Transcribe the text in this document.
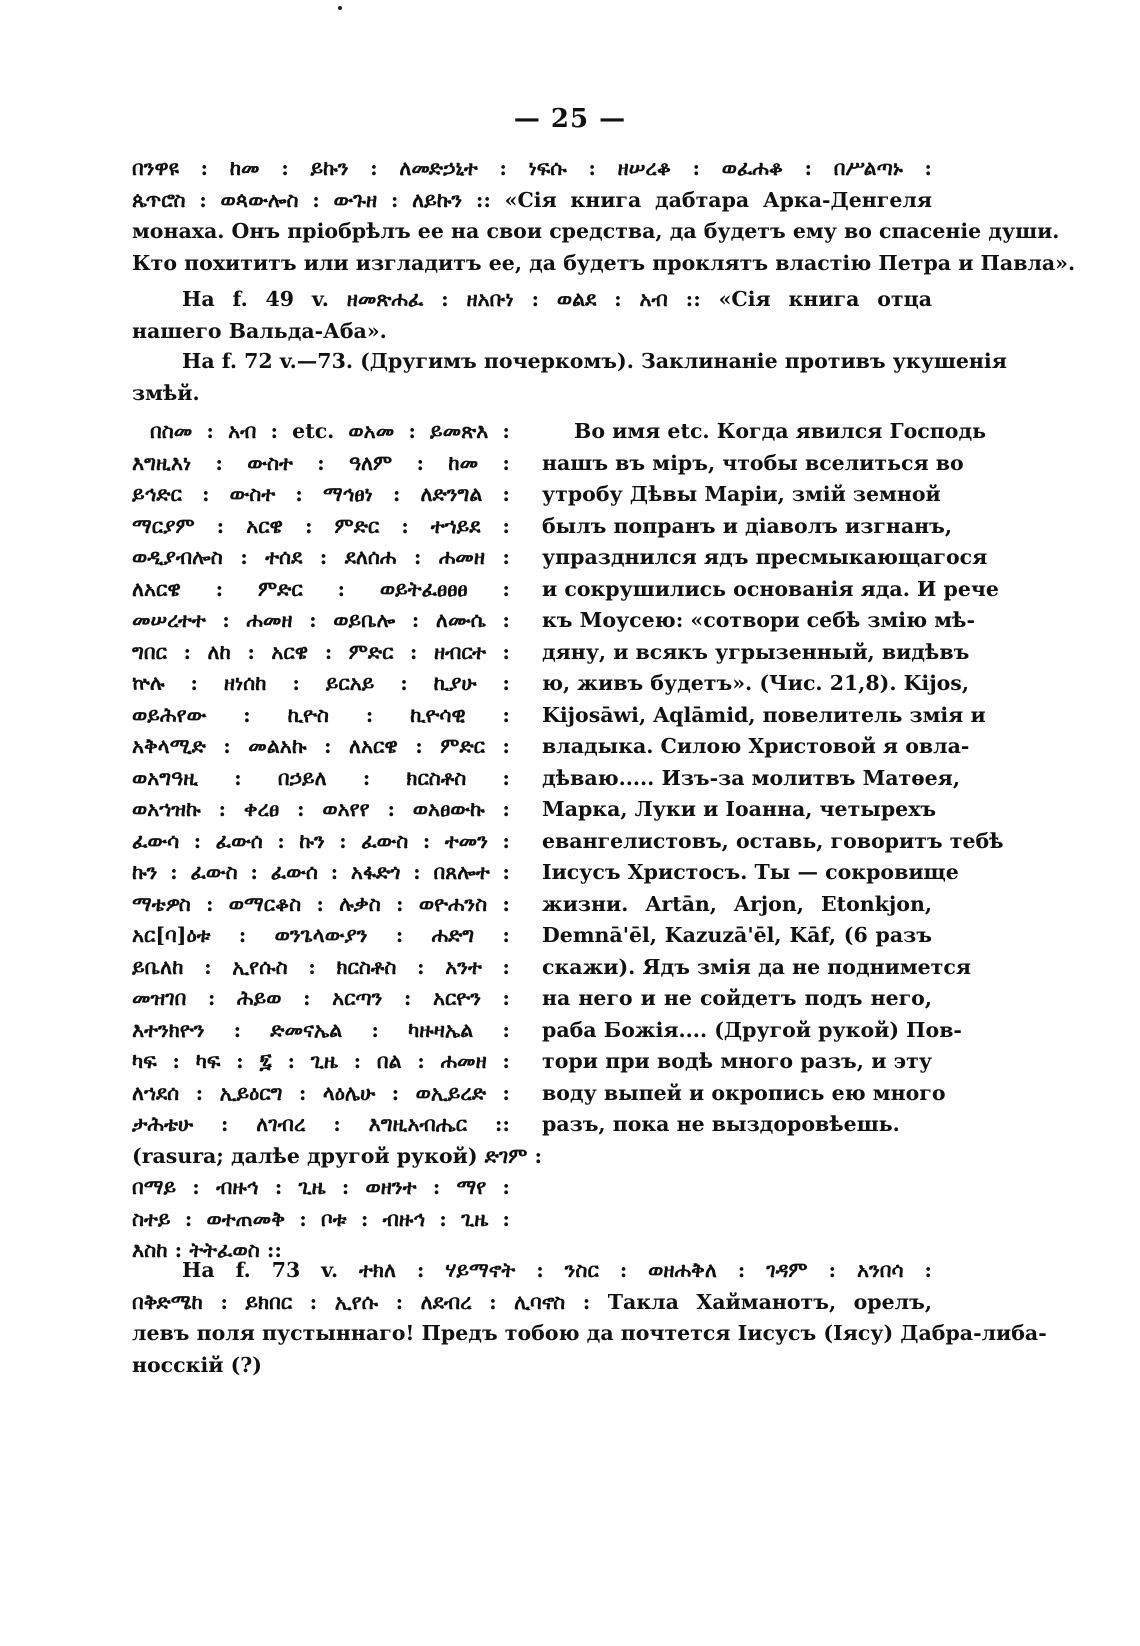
— 25 —
በንዋዩ : ከመ : ይኩን : ለመድኃኒተ : ነፍሱ : ዘሠረቆ : ወፈሐቆ : በሥልጣኑ :
ጴጥሮስ : ወጳውሎስ : ውጉዘ : ለይኩን :: «Сія книга дабтара Арка-Денгеля
монаха. Онъ пріобрѣлъ ее на свои средства, да будетъ ему во спасеніе души.
Кто похититъ или изгладитъ ее, да будетъ проклятъ властію Петра и Павла».
На f. 49 v. ዘመጽሐፈ : ዘአቡነ : ወልደ : አብ :: «Сія книга отца
нашего Вальда-Аба».
На f. 72 v.—73. (Другимъ почеркомъ). Заклинаніе противъ укушенія
змѣй.
በስመ : አብ : etc. ወአመ : ይመጽእ :
እግዚእነ : ውስተ : ዓለም : ከመ :
ይኅድር : ውስተ : ማኅፀነ : ለድንግል :
ማርያም : አርዌ : ምድር : ተኀይደ :
ወዲያብሎስ : ተሰደ : ደለሰሐ : ሐመዘ :
ለአርዌ : ምድር : ወይትፈፀፀፀ :
መሠረተተ : ሐመዘ : ወይቤሎ : ለሙሴ :
ግበር : ለከ : አርዌ : ምድር : ዘብርተ :
ኵሉ : ዘነሰከ : ይርአይ : ኪያሁ :
ወይሕየው : ኪዮስ : ኪዮሳዊ :
አቅላሚድ : መልአኩ : ለአርዌ : ምድር :
ወአግዓዚ : በኃይለ : ክርስቶስ :
ወአኀዝኩ : ቀረፀ : ወአየየ : ወአፀውኩ :
ፈውሳ : ፈውሰ : ኩን : ፈውስ : ተመን :
ኩን : ፈውስ : ፈውሰ : አፋድጎ : በጸሎተ :
ማቴዎስ : ወማርቆስ : ሉቃስ : ወዮሐንስ :
አር[ባ]ዕቱ : ወንጌላውያን : ሐድግ :
ይቤለከ : ኢየሱስ : ክርስቶስ : አንተ :
መዝገበ : ሕይወ : አርጣን : አርዮን :
እተንክዮን : ድመናኤል : ካዙዛኤል :
ካፍ : ካፍ : ፯ : ጊዜ : በል : ሐመዘ :
ለኀደሰ : ኢይዕርግ : ላዕሌሁ : ወኢይረድ :
ታሕቴሁ : ለገብረ : እግዚአብሔር ::
(rasura; далѣе другой рукой) ድገም :
በማይ : ብዙኅ : ጊዜ : ወዘንተ : ማየ :
ስተይ : ወተጠመቅ : ቦቱ : ብዙኅ : ጊዜ :
እስከ : ትትፈወስ ::
Во имя etc. Когда явился Господь
нашъ въ міръ, чтобы вселиться во
утробу Дѣвы Маріи, змій земной
былъ попранъ и діаволъ изгнанъ,
упразднился ядъ пресмыкающагося
и сокрушились основанія яда. И рече
къ Моусею: «сотвори себѣ змію мѣ-
дяну, и всякъ угрызенный, видѣвъ
ю, живъ будетъ». (Чис. 21,8). Kijos,
Kijosāwi, Aqlāmid, повелитель змія и
владыка. Силою Христовой я овла-
дѣваю..... Изъ-за молитвъ Матѳея,
Марка, Луки и Іоанна, четырехъ
евангелистовъ, оставь, говоритъ тебѣ
Іисусъ Христосъ. Ты — сокровище
жизни. Artān, Arjon, Etonkjon,
Demnā'ēl, Kazuzā'ēl, Kāf, (6 разъ
скажи). Ядъ змія да не поднимется
на него и не сойдетъ подъ него,
раба Божія.... (Другой рукой) Пов-
тори при водѣ много разъ, и эту
воду выпей и окропись ею много
разъ, пока не выздоровѣешь.
На f. 73 v. ተክለ : ሃይማኖት : ንስር : ወዘሐቅለ : ገዳም : አንበሳ :
በቅድሜከ : ይክበር : ኢየሱ : ለደብረ : ሊባኖስ : Такла Хайманотъ, орелъ,
левъ поля пустыннаго! Предъ тобою да почтется Іисусъ (Іясу) Дабра-либа-
носскій (?)
